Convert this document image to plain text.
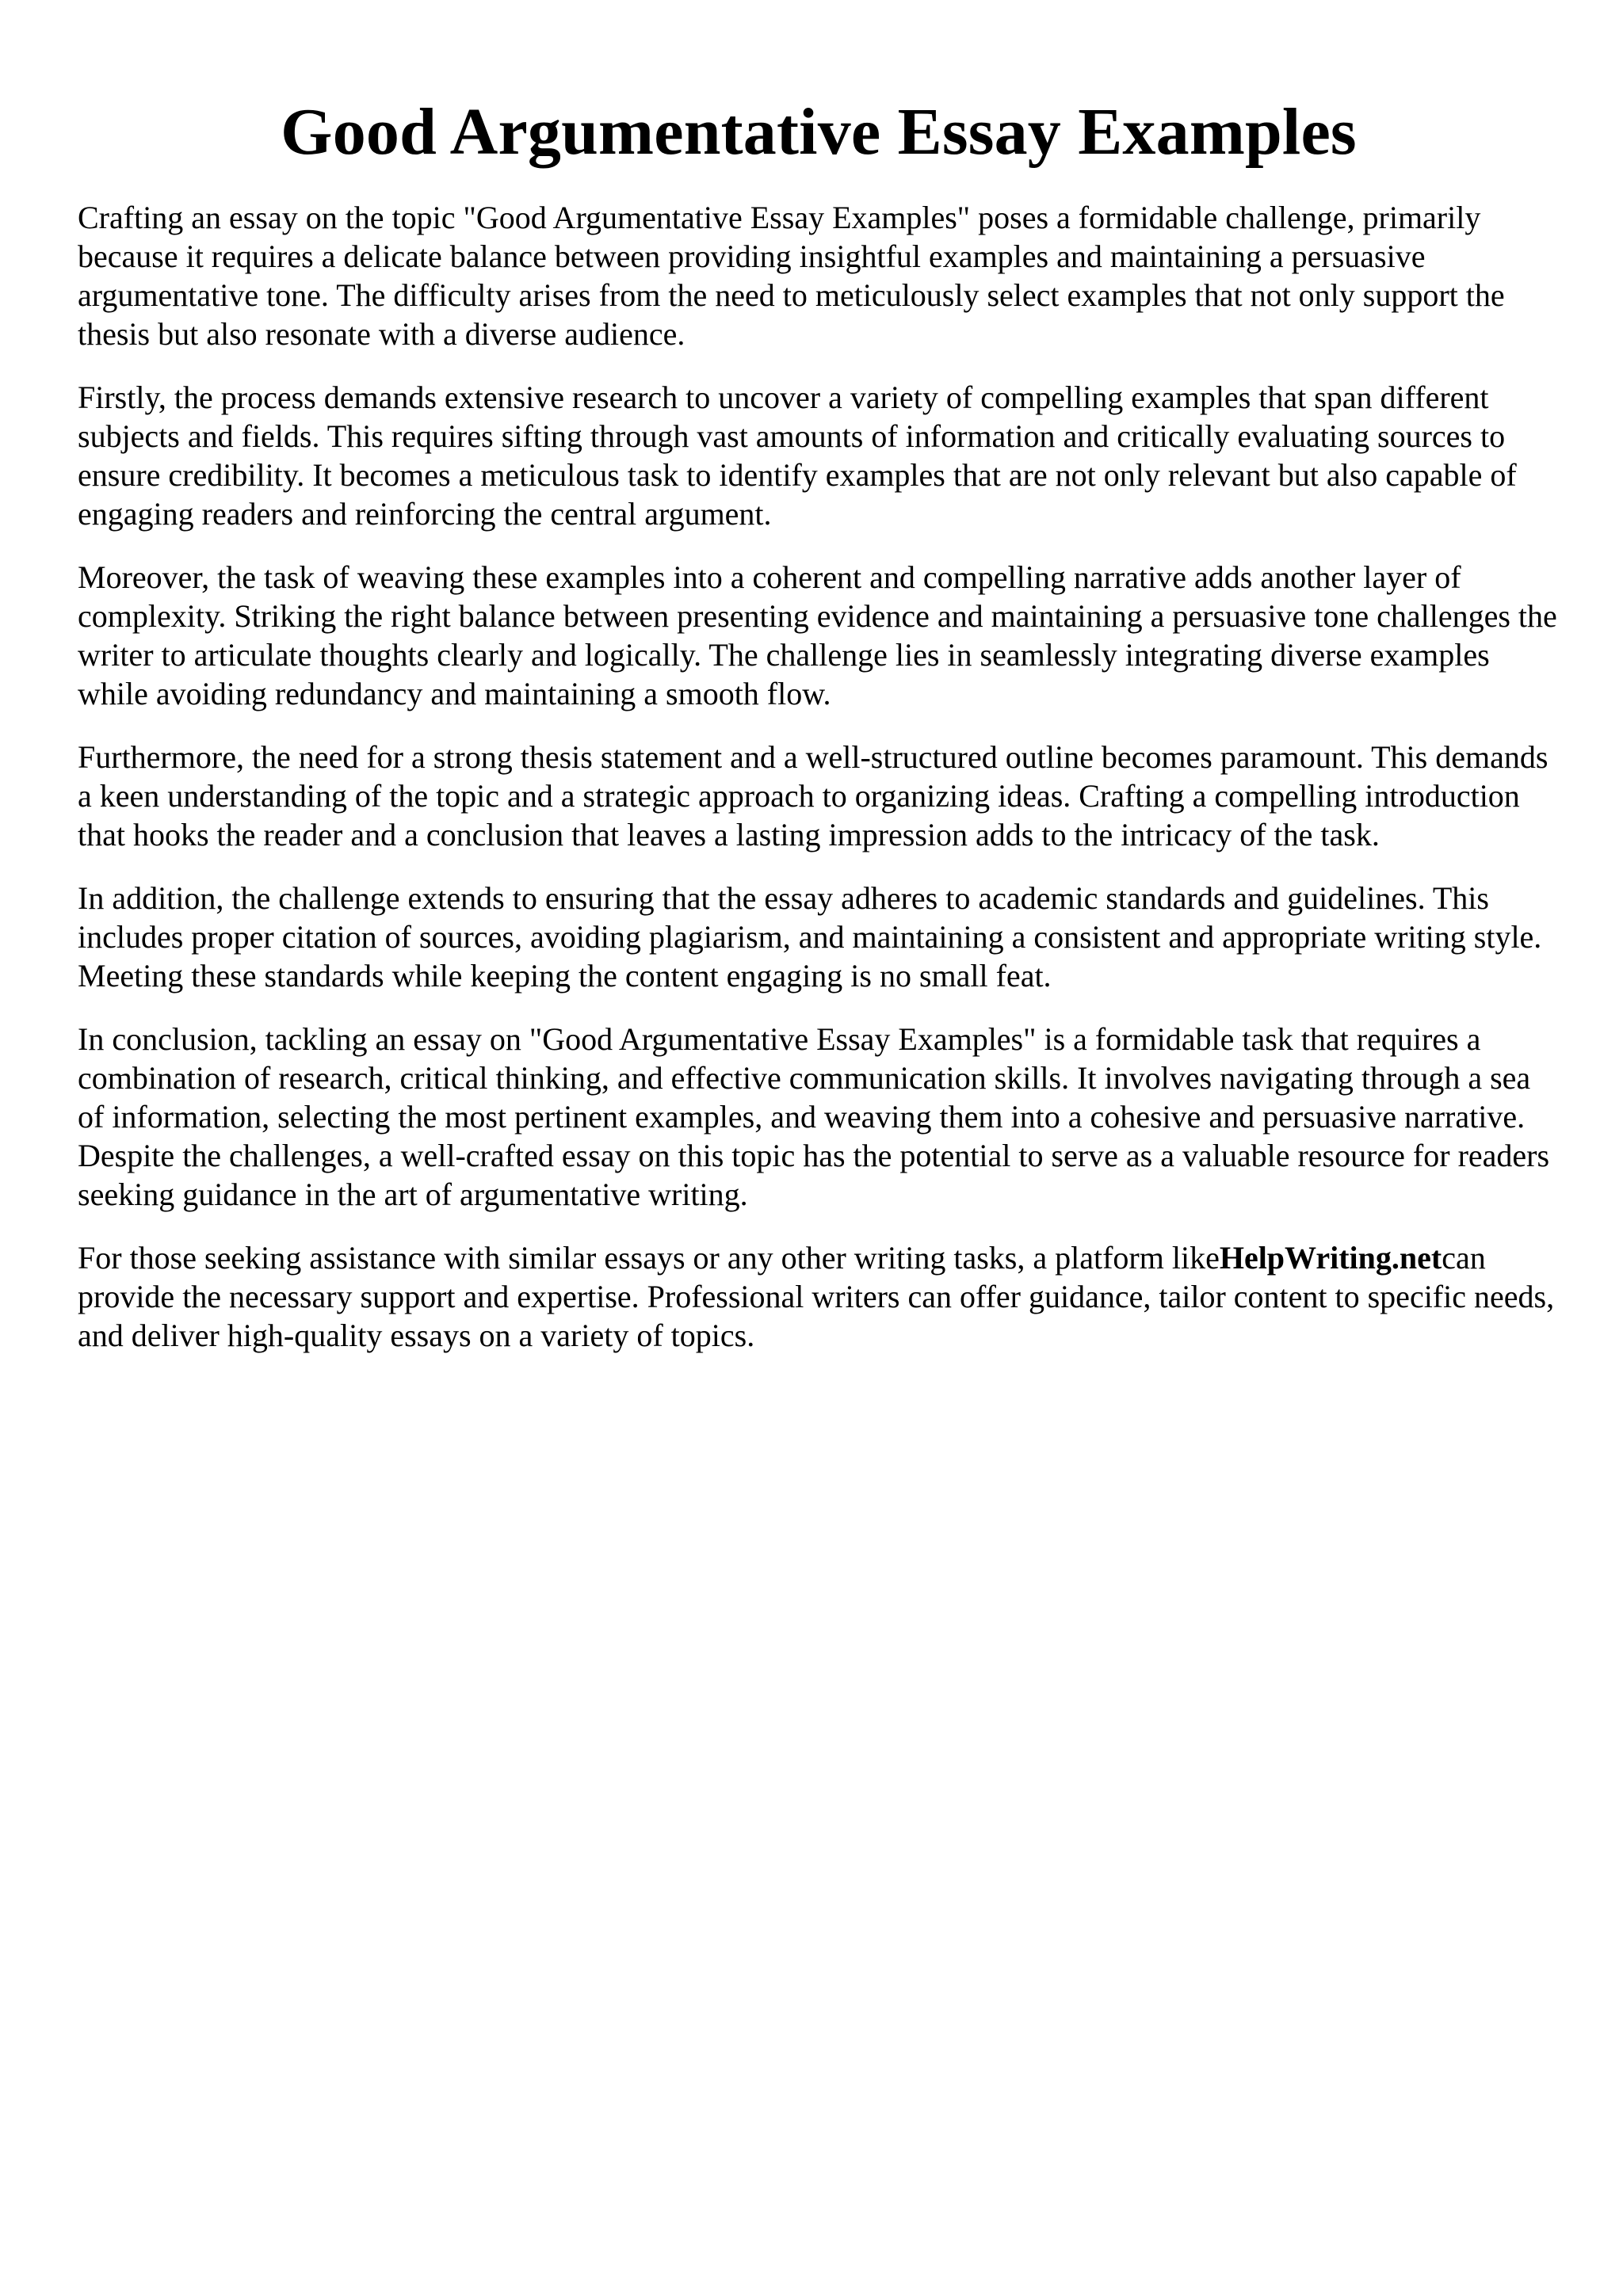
Good Argumentative Essay Examples

Crafting an essay on the topic "Good Argumentative Essay Examples" poses a formidable challenge, primarily because it requires a delicate balance between providing insightful examples and maintaining a persuasive argumentative tone. The difficulty arises from the need to meticulously select examples that not only support the thesis but also resonate with a diverse audience.

Firstly, the process demands extensive research to uncover a variety of compelling examples that span different subjects and fields. This requires sifting through vast amounts of information and critically evaluating sources to ensure credibility. It becomes a meticulous task to identify examples that are not only relevant but also capable of engaging readers and reinforcing the central argument.

Moreover, the task of weaving these examples into a coherent and compelling narrative adds another layer of complexity. Striking the right balance between presenting evidence and maintaining a persuasive tone challenges the writer to articulate thoughts clearly and logically. The challenge lies in seamlessly integrating diverse examples while avoiding redundancy and maintaining a smooth flow.

Furthermore, the need for a strong thesis statement and a well-structured outline becomes paramount. This demands a keen understanding of the topic and a strategic approach to organizing ideas. Crafting a compelling introduction that hooks the reader and a conclusion that leaves a lasting impression adds to the intricacy of the task.

In addition, the challenge extends to ensuring that the essay adheres to academic standards and guidelines. This includes proper citation of sources, avoiding plagiarism, and maintaining a consistent and appropriate writing style. Meeting these standards while keeping the content engaging is no small feat.

In conclusion, tackling an essay on "Good Argumentative Essay Examples" is a formidable task that requires a combination of research, critical thinking, and effective communication skills. It involves navigating through a sea of information, selecting the most pertinent examples, and weaving them into a cohesive and persuasive narrative. Despite the challenges, a well-crafted essay on this topic has the potential to serve as a valuable resource for readers seeking guidance in the art of argumentative writing.

For those seeking assistance with similar essays or any other writing tasks, a platform likeHelpWriting.netcan provide the necessary support and expertise. Professional writers can offer guidance, tailor content to specific needs, and deliver high-quality essays on a variety of topics.
